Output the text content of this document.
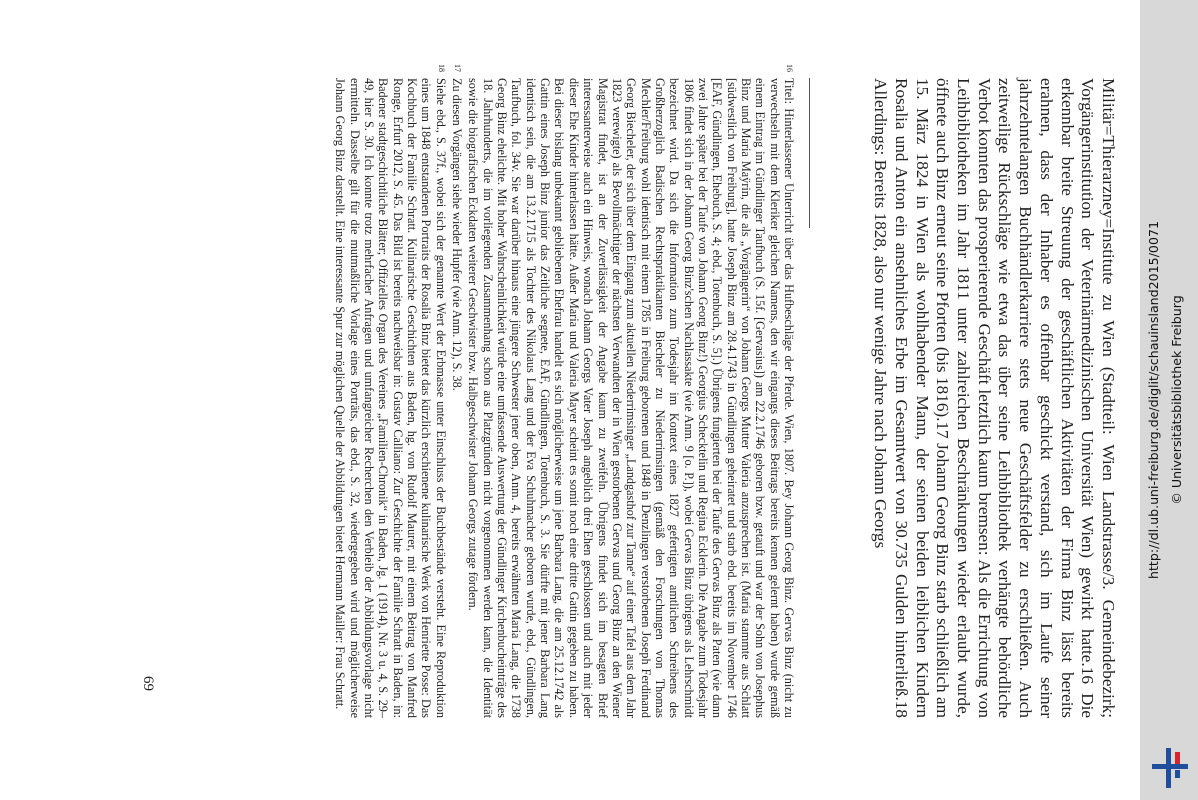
Militär=Thierarzney=Institute zu Wien (Stadtteil: Wien Landstrasse/3. Gemeindebezirk; Vorgängerinstitution der Veterinärmedizinischen Universität Wien) gewirkt hatte.16 Die erkennbar breite Streuung der geschäftlichen Aktivitäten der Firma Binz lässt bereits erahnen, dass der Inhaber es offenbar geschickt verstand, sich im Laufe seiner jahrzehntelangen Buchhändlerkarriere stets neue Geschäftsfelder zu erschließen. Auch zeitweilige Rückschläge wie etwa das über seine Leihbibliothek verhängte behördliche Verbot konnten das prosperierende Geschäft letztlich kaum bremsen: Als die Errichtung von Leihbibliotheken im Jahr 1811 unter zahlreichen Beschränkungen wieder erlaubt wurde, öffnete auch Binz erneut seine Pforten (bis 1816).17 Johann Georg Binz starb schließlich am 15. März 1824 in Wien als wohlhabender Mann, der seinen beiden leiblichen Kindern Rosalia und Anton ein ansehnliches Erbe im Gesamtwert von 30.735 Gulden hinterließ.18 Allerdings: Bereits 1828, also nur wenige Jahre nach Johann Georgs

16
Titel: Hinterlassener Unterricht über das Hufbeschläge der Pferde. Wien, 1807. Bey Johann Georg Binz. Gervas Binz (nicht zu verwechseln mit dem Kleriker gleichen Namens, den wir eingangs dieses Beitrags bereits kennen gelernt haben) wurde gemäß einem Eintrag im Gündlinger Taufbuch (S. 15f. [Gervasius]) am 22.2.1746 geboren bzw. getauft und war der Sohn von Josephus Binz und Maria Maÿrin, die als „Vorgängerin“ von Johann Georgs Mutter Valeria anzusprechen ist. (Maria stammte aus Schlatt [südwestlich von Freiburg], hatte Joseph Binz am 28.4.1743 in Gündlingen geheiratet und starb ebd. bereits im November 1746 [EAF, Gündlingen, Ehebuch, S. 4; ebd., Totenbuch, S. 5].) Übrigens fungierten bei der Taufe des Gervas Binz als Paten (wie dann zwei Jahre später bei der Taufe von Johann Georg Binz!) Georgius Schecktelin und Regina Ecklerin. Die Angabe zum Todesjahr 1806 findet sich in der Johann Georg Binz'schen Nachlassakte (wie Anm. 9 [o. P.]), wobei Gervas Binz übrigens als Lehrschmidt bezeichnet wird. Da sich die Information zum Todesjahr im Kontext eines 1827 gefertigten amtlichen Schreibens des Großherzoglich Badischen Rechtspraktikanten Biecheler zu Niederrimsingen (gemäß den Forschungen von Thomas Mechler/Freiburg wohl identisch mit einem 1785 in Freiburg geborenen und 1848 in Denzlingen verstorbenen Joseph Ferdinand Georg Biecheler, der sich über dem Eingang zum aktuellen Niederrimsinger „Landgasthof zur Tanne“ auf einer Tafel aus dem Jahr 1823 verewigte) als Bevollmächtigter der nächsten Verwandten der in Wien gestorbenen Gervas und Georg Binz an den Wiener Magistrat findet, ist an der Zuverlässigkeit der Angabe kaum zu zweifeln. Übrigens findet sich im besagten Brief interessanterweise auch ein Hinweis, wonach Johann Georgs Vater Joseph angeblich drei Ehen geschlossen und auch mit jeder dieser Ehe Kinder hinterlassen hätte. Außer Maria und Valeria Mayer scheint es somit noch eine dritte Gattin gegeben zu haben. Bei dieser bislang unbekannt gebliebenen Ehefrau handelt es sich möglicherweise um jene Barbara Lang, die am 25.12.1742 als Gattin eines Joseph Binz junior das Zeitliche segnete, EAF, Gündlingen, Totenbuch, S. 3. Sie dürfte mit jener Barbara Lang identisch sein, die am 13.2.1715 als Tochter des Nikolaus Lang und der Eva Schuhmacher geboren wurde, ebd., Gündlingen, Taufbuch, fol. 34v. Sie war darüber hinaus eine jüngere Schwester jener oben, Anm. 4, bereits erwähnten Maria Lang, die 1738 Georg Binz ehelichte. Mit hoher Wahrscheinlichkeit würde eine umfassende Auswertung der Gündlinger Kirchenbucheinträge des 18. Jahrhunderts, die im vorliegenden Zusammenhang schon aus Platzgründen nicht vorgenommen werden kann, die Identität sowie die biografischen Eckdaten weiterer Geschwister bzw. Halbgeschwister Johann Georgs zutage fördern.
17
Zu diesen Vorgängen siehe wieder Hupfer (wie Anm. 12), S. 38.
18
Siehe ebd., S. 37f., wobei sich der genannte Wert der Erbmasse unter Einschluss der Buchbestände versteht. Eine Reproduktion eines um 1848 entstandenen Portraits der Rosalia Binz bietet das kürzlich erschienene kulinarische Werk von Henriette Posse: Das Kochbuch der Familie Schratt. Kulinarische Geschichten aus Baden, hg. von Rudolf Maurer, mit einem Beitrag von Manfred Ronge, Erfurt 2012, S. 45. Das Bild ist bereits nachweisbar in: Gustav Calliano: Zur Geschichte der Familie Schratt in Baden, in: Badener stadtgeschichtliche Blätter; Offizielles Organ des Vereines „Familien-Chronik“ in Baden, Jg. 1 (1914), Nr. 3 u. 4, S. 29–49, hier S. 30. Ich konnte trotz mehrfacher Anfragen und umfangreicher Recherchen den Verbleib der Abbildungsvorlage nicht ermitteln. Dasselbe gilt für die mutmaßliche Vorlage eines Porträts, das ebd., S. 32, wiedergegeben wird und möglicherweise Johann Georg Binz darstellt. Eine interessante Spur zur möglichen Quelle der Abbildungen bietet Hermann Mailler: Frau Schratt.
69
http://dl.ub.uni-freiburg.de/diglit/schauinsland2015/0071 © Universitätsbibliothek Freiburg
